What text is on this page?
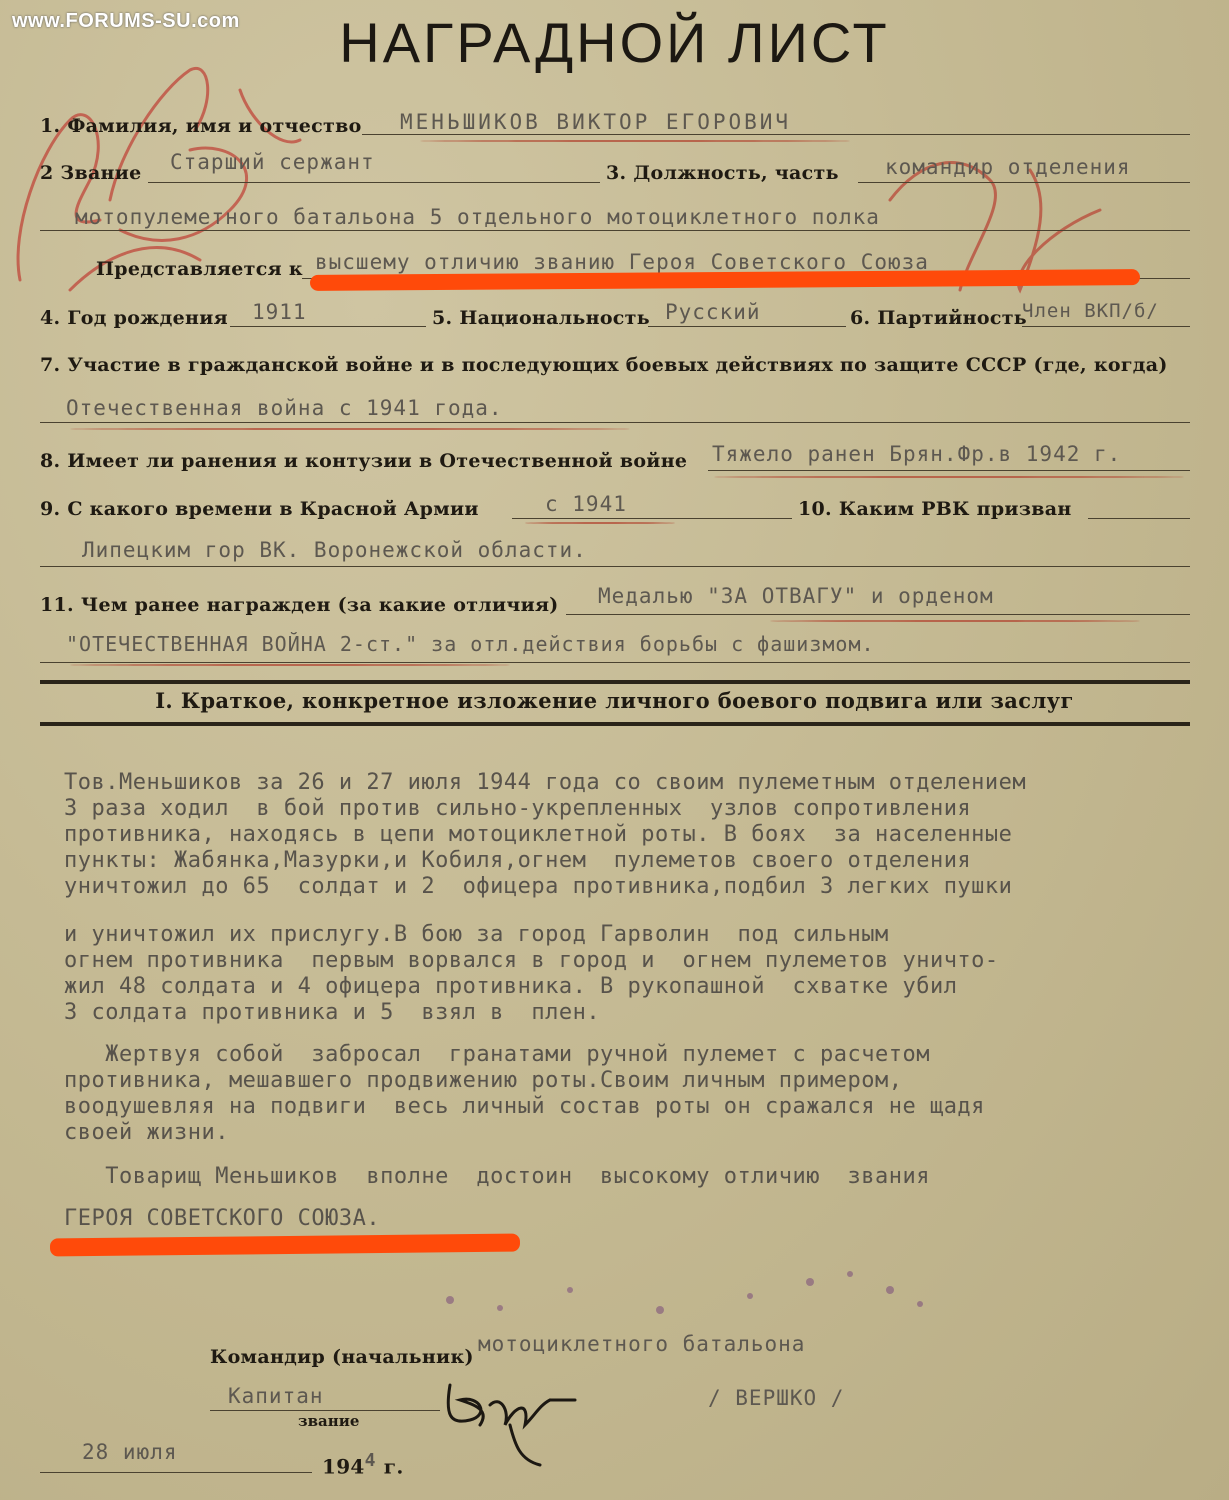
www.FORUMS-SU.com	НАГРАДНОЙ ЛИСТ
1. Фамилия, имя и отчество МЕНЬШИКОВ ВИКТОР ЕГОРОВИЧ
2 Звание Старший сержант	3. Должность, часть командир отделения
мотопулеметного батальона 5 отдельного мотоциклетного полка
Представляется к высшему отличию званию Героя Советского Союза
4. Год рождения 1911	5. Национальность Русский	6. Партийность
Член ВКП/б/
7. Участие в гражданской войне и в последующих боевых действиях по защите СССР (где, когда)
Отечественная война с 1941 года.
8. Имеет ли ранения и контузии в Отечественной войне Тяжело ранен Брян.Фр.в 1942 г.
9. С какого времени в Красной Армии	с 1941	10. Каким РВК призван
Липецким гор ВК. Воронежской области.
11. Чем ранее награжден (за какие отличия) Медалью "ЗА ОТВАГУ" и орденом
"ОТЕЧЕСТВЕННАЯ ВОЙНА 2-ст." за отл.действия борьбы с фашизмом.
I. Краткое, конкретное изложение личного боевого подвига или заслуг
Тов.Меньшиков за 26 и 27 июля 1944 года со своим пулеметным отделением
3 раза ходил  в бой против сильно-укрепленных  узлов сопротивления
противника, находясь в цепи мотоциклетной роты. В боях  за населенные
пункты: Жабянка,Мазурки,и Кобиля,огнем  пулеметов своего отделения
уничтожил до 65  солдат и 2  офицера противника,подбил 3 легких пушки
и уничтожил их прислугу.В бою за город Гарволин  под сильным
огнем противника  первым ворвался в город и  огнем пулеметов уничто-
жил 48 солдата и 4 офицера противника. В рукопашной  схватке убил
3 солдата противника и 5  взял в  плен.
Жертвуя собой  забросал  гранатами ручной пулемет с расчетом
противника, мешавшего продвижению роты.Своим личным примером,
воодушевляя на подвиги  весь личный состав роты он сражался не щадя
своей жизни.
Товарищ Меньшиков  вполне  достоин  высокому отличию  звания
ГЕРОЯ СОВЕТСКОГО СОЮЗА.
Командир (начальник)
мотоциклетного батальона
Капитан
звание
/ ВЕРШКО /
28 июля
$194^4$ г.
